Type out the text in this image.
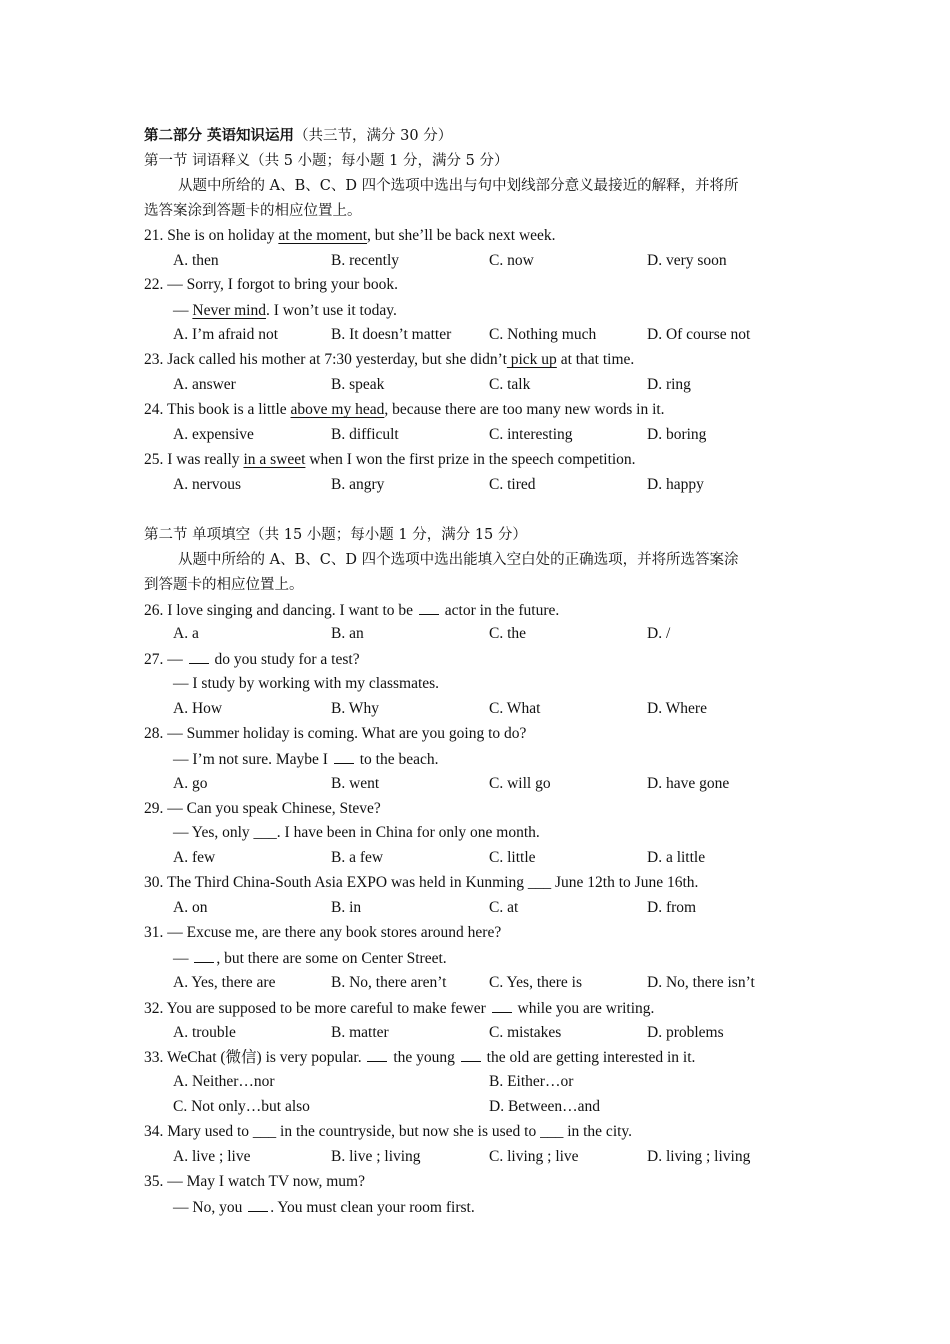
第二部分 英语知识运用（共三节，满分 30 分）
第一节 词语释义（共 5 小题；每小题 1 分，满分 5 分）
从题中所给的 A、B、C、D 四个选项中选出与句中划线部分意义最接近的解释，并将所
选答案涂到答题卡的相应位置上。
21. She is on holiday at the moment, but she’ll be back next week.
A. then	B. recently	C. now	D. very soon
22. — Sorry, I forgot to bring your book.
— Never mind. I won’t use it today.
A. I’m afraid not	B. It doesn’t matter C. Nothing much	D. Of course not
23. Jack called his mother at 7:30 yesterday, but she didn’t pick up at that time.
A. answer	B. speak	C. talk	D. ring
24. This book is a little above my head, because there are too many new words in it.
A. expensive	B. difficult	C. interesting	D. boring
25. I was really in a sweet when I won the first prize in the speech competition.
A. nervous	B. angry	C. tired	D. happy
第二节 单项填空（共 15 小题；每小题 1 分，满分 15 分）
从题中所给的 A、B、C、D 四个选项中选出能填入空白处的正确选项，并将所选答案涂
到答题卡的相应位置上。
26. I love singing and dancing. I want to be  actor in the future.
A. a	B. an	C. the	D. /
27. —  do you study for a test?
— I study by working with my classmates.
A. How	B. Why	C. What	D. Where
28. — Summer holiday is coming. What are you going to do?
— I’m not sure. Maybe I  to the beach.
A. go	B. went	C. will go	D. have gone
29. — Can you speak Chinese, Steve?
— Yes, only ___. I have been in China for only one month.
A. few	B. a few	C. little	D. a little
30. The Third China-South Asia EXPO was held in Kunming ___ June 12th to June 16th.
A. on	B. in	C. at	D. from
31. — Excuse me, are there any book stores around here?
— , but there are some on Center Street.
A. Yes, there are	B. No, there aren’t	C. Yes, there is	D. No, there isn’t
32. You are supposed to be more careful to make fewer  while you are writing.
A. trouble	B. matter	C. mistakes	D. problems
33. WeChat (微信) is very popular.  the young  the old are getting interested in it.
A. Neither…nor	B. Either…or
C. Not only…but also	D. Between…and
34. Mary used to ___ in the countryside, but now she is used to ___ in the city.
A. live ; live	B. live ; living	C. living ; live	D. living ; living
35. — May I watch TV now, mum?
— No, you . You must clean your room first.
